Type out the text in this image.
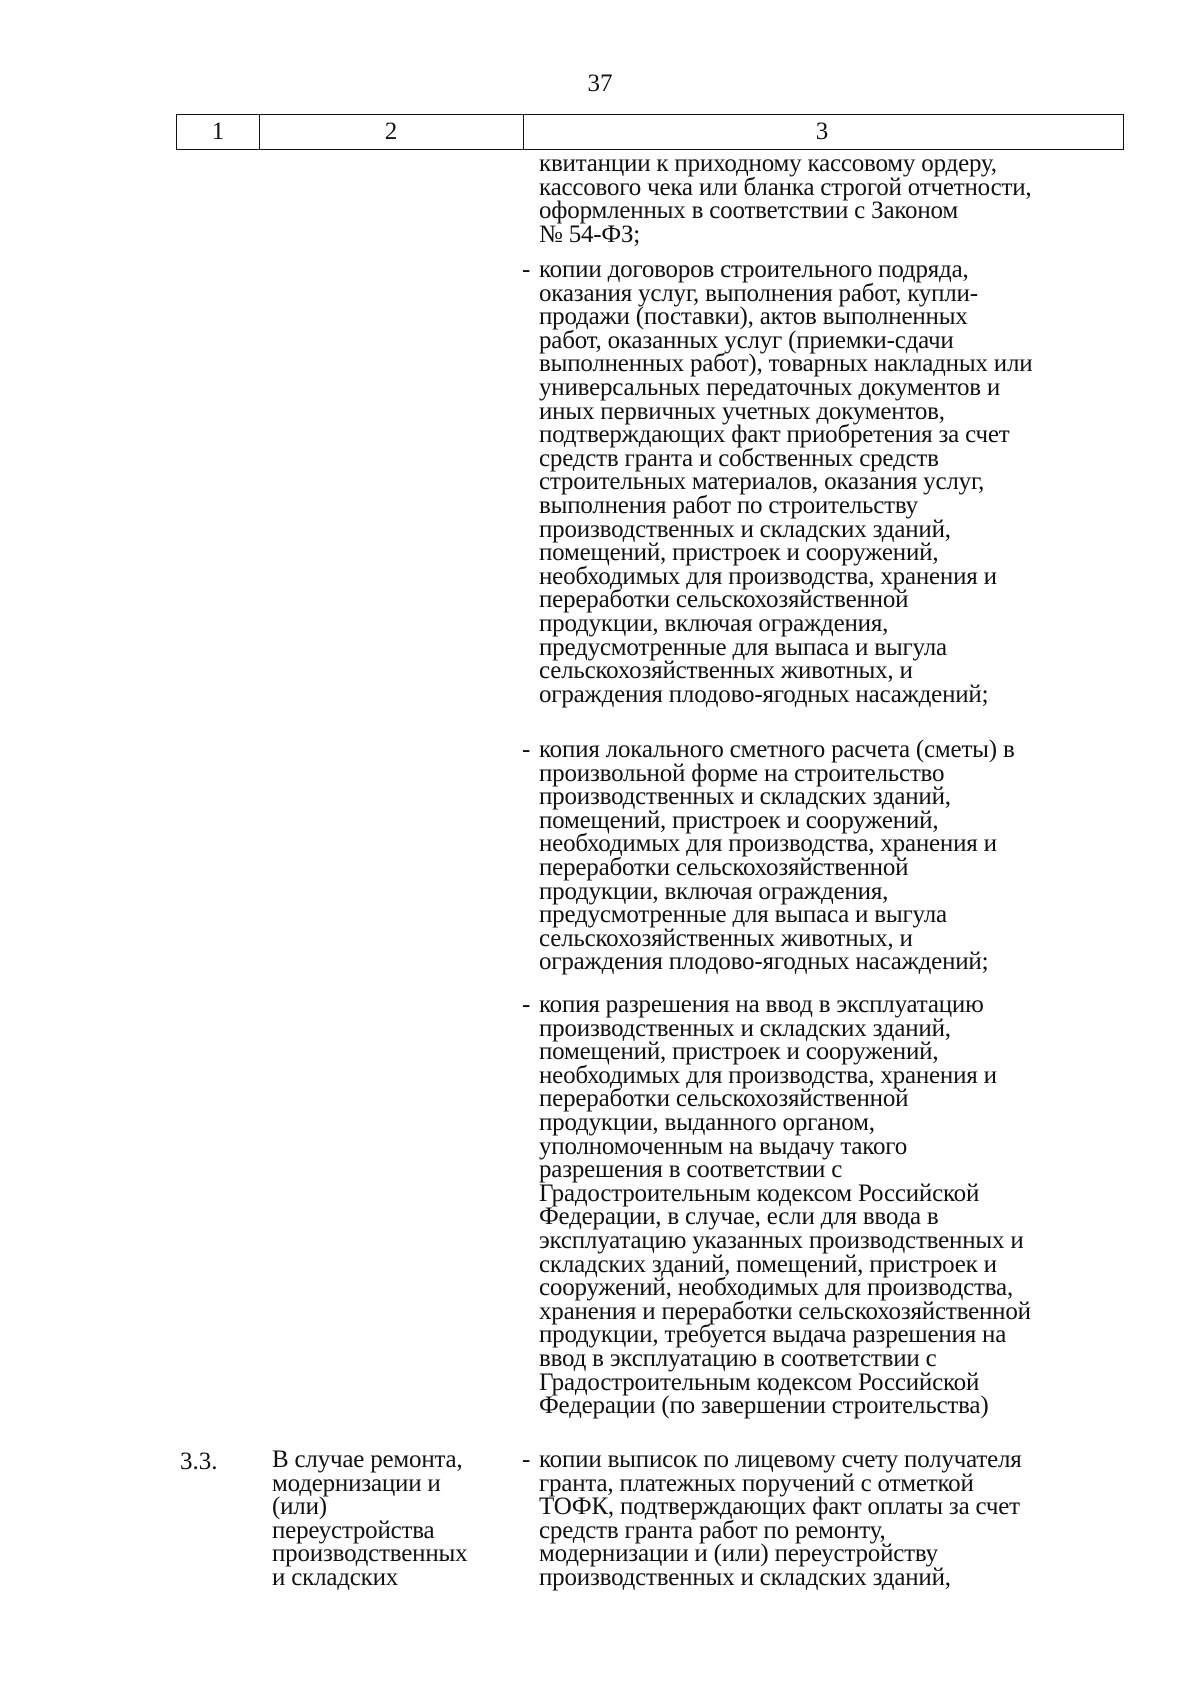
37
1	2	3
квитанции к приходному кассовому ордеру,
кассового чека или бланка строгой отчетности,
оформленных в соответствии с Законом
№ 54-ФЗ;
- копии договоров строительного подряда,
оказания услуг, выполнения работ, купли-
продажи (поставки), актов выполненных
работ, оказанных услуг (приемки-сдачи
выполненных работ), товарных накладных или
универсальных передаточных документов и
иных первичных учетных документов,
подтверждающих факт приобретения за счет
средств гранта и собственных средств
строительных материалов, оказания услуг,
выполнения работ по строительству
производственных и складских зданий,
помещений, пристроек и сооружений,
необходимых для производства, хранения и
переработки сельскохозяйственной
продукции, включая ограждения,
предусмотренные для выпаса и выгула
сельскохозяйственных животных, и
ограждения плодово-ягодных насаждений;
- копия локального сметного расчета (сметы) в
произвольной форме на строительство
производственных и складских зданий,
помещений, пристроек и сооружений,
необходимых для производства, хранения и
переработки сельскохозяйственной
продукции, включая ограждения,
предусмотренные для выпаса и выгула
сельскохозяйственных животных, и
ограждения плодово-ягодных насаждений;
- копия разрешения на ввод в эксплуатацию
производственных и складских зданий,
помещений, пристроек и сооружений,
необходимых для производства, хранения и
переработки сельскохозяйственной
продукции, выданного органом,
уполномоченным на выдачу такого
разрешения в соответствии с
Градостроительным кодексом Российской
Федерации, в случае, если для ввода в
эксплуатацию указанных производственных и
складских зданий, помещений, пристроек и
сооружений, необходимых для производства,
хранения и переработки сельскохозяйственной
продукции, требуется выдача разрешения на
ввод в эксплуатацию в соответствии с
Градостроительным кодексом Российской
Федерации (по завершении строительства)
3.3. В случае ремонта,
модернизации и
(или)
переустройства
производственных
и складских
- копии выписок по лицевому счету получателя
гранта, платежных поручений с отметкой
ТОФК, подтверждающих факт оплаты за счет
средств гранта работ по ремонту,
модернизации и (или) переустройству
производственных и складских зданий,
